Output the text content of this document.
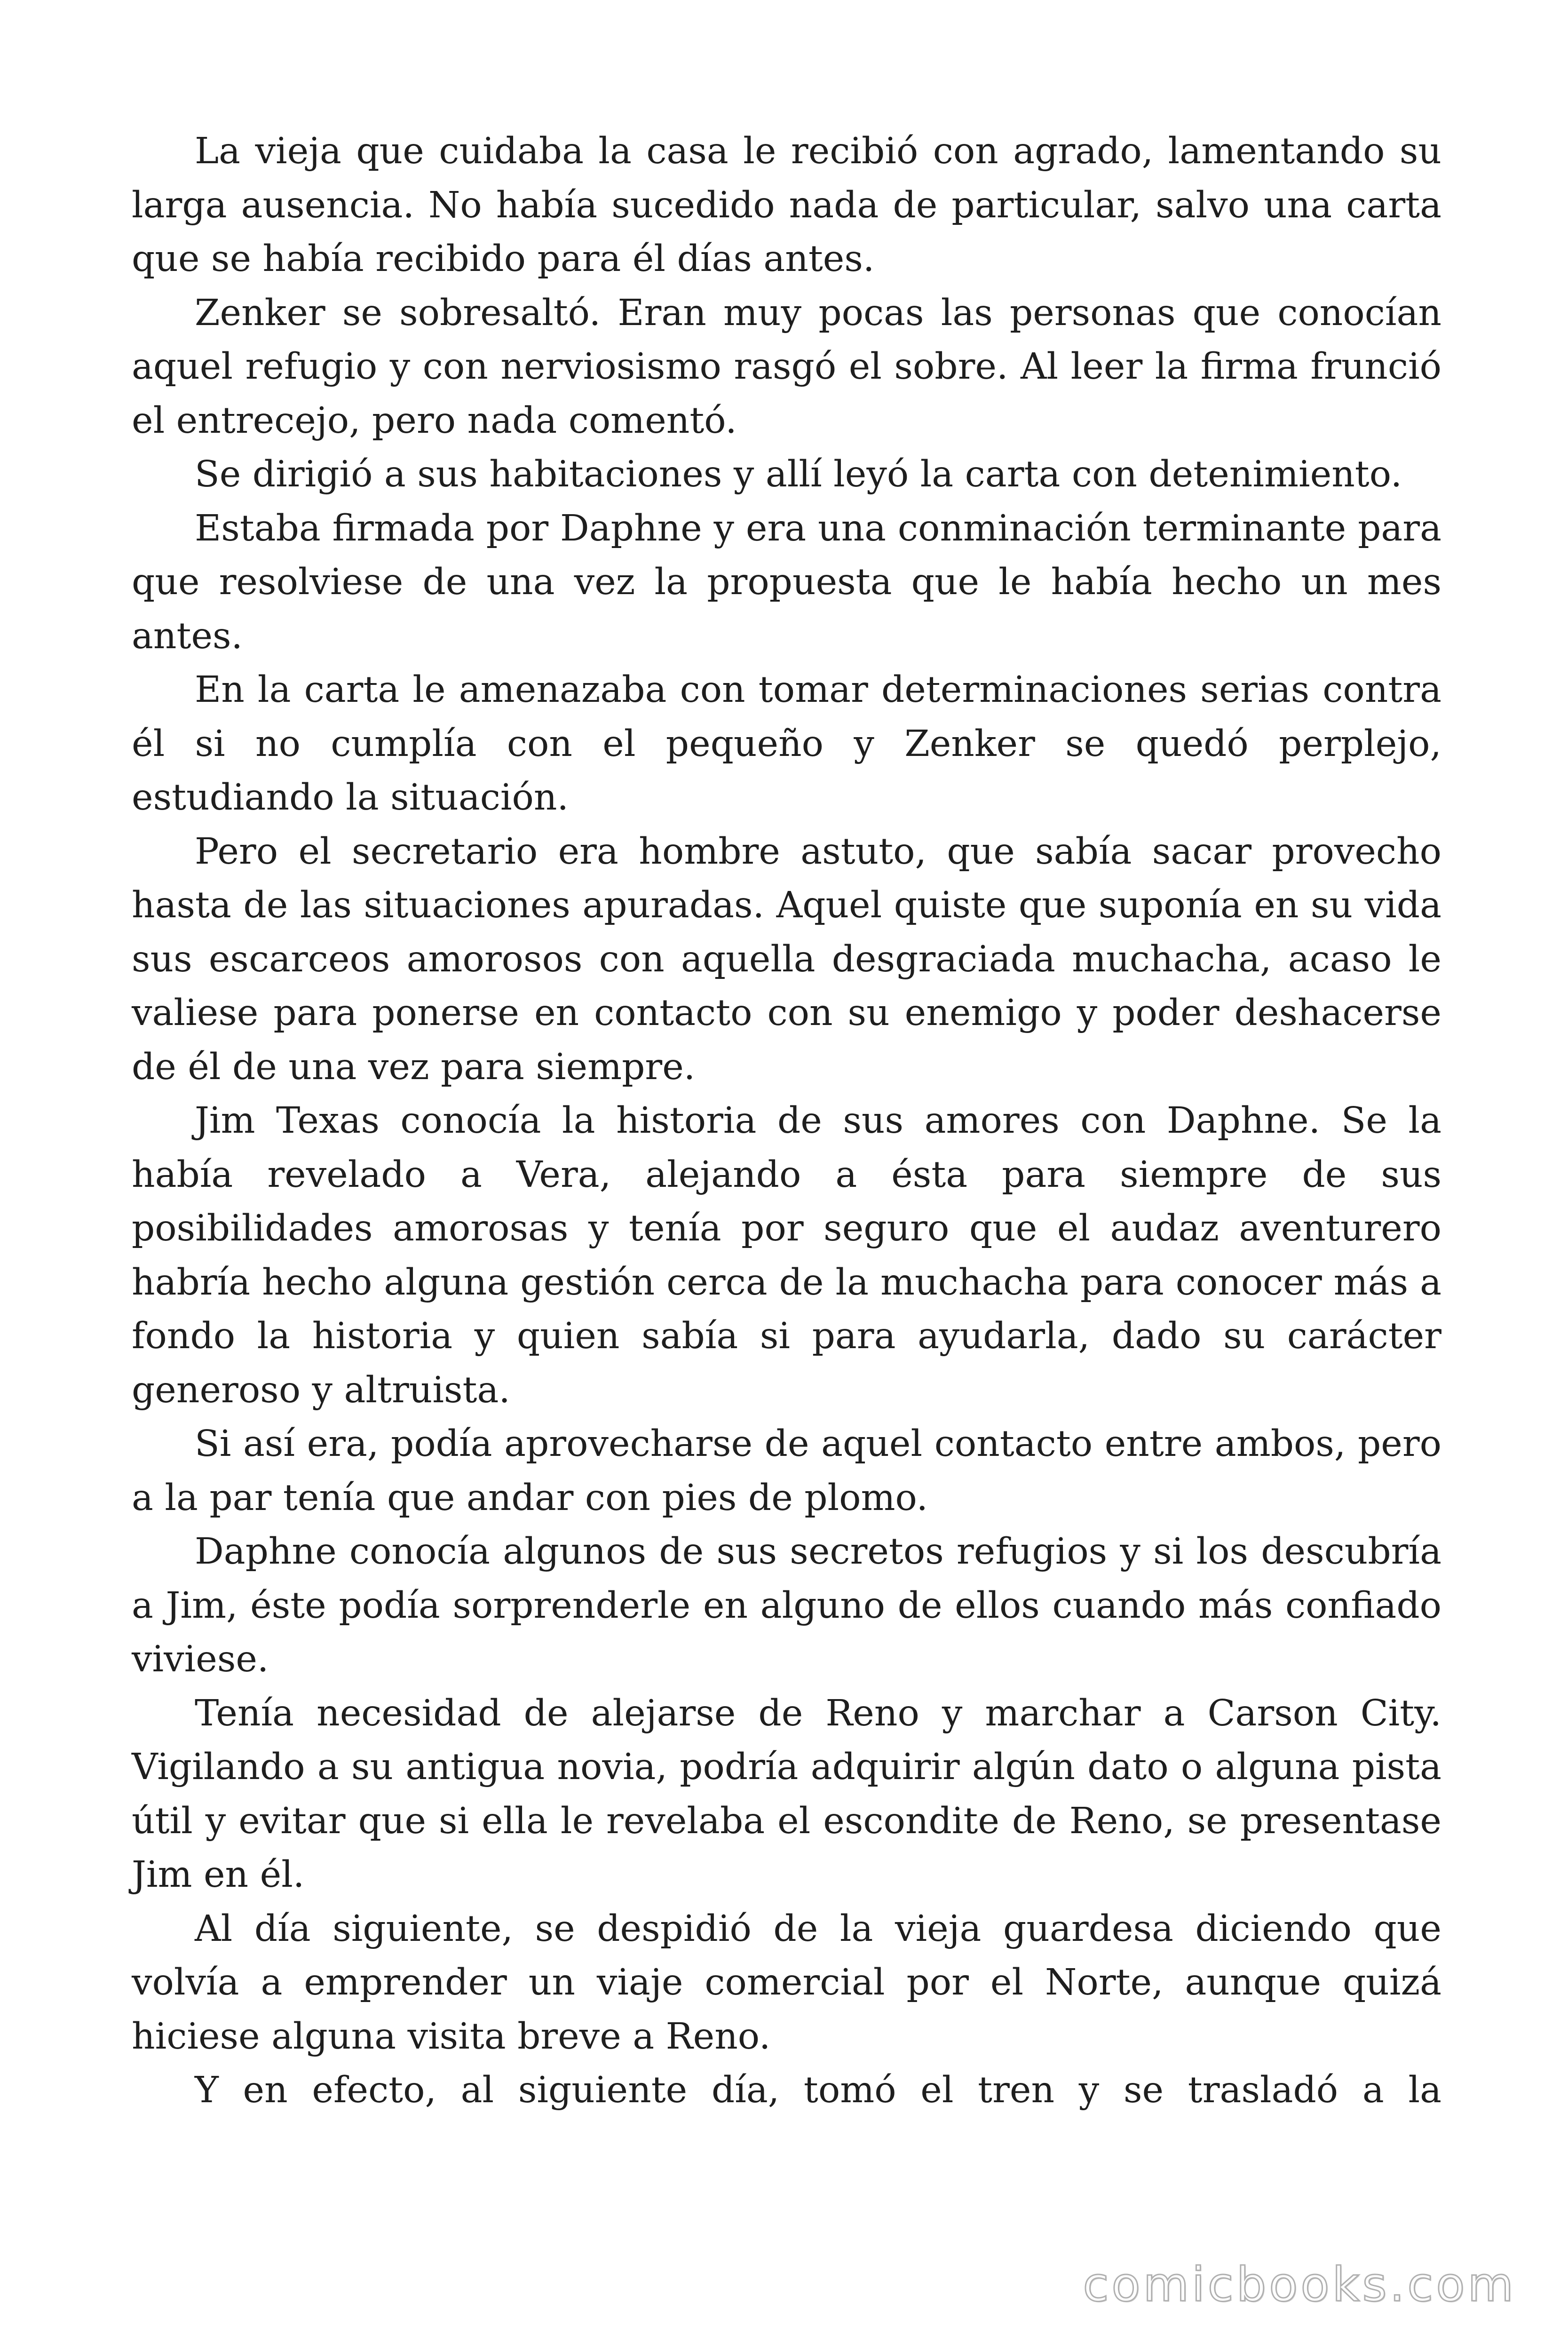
La vieja que cuidaba la casa le recibió con agrado, lamentando su larga ausencia. No había sucedido nada de particular, salvo una carta que se había recibido para él días antes.

Zenker se sobresaltó. Eran muy pocas las personas que conocían aquel refugio y con nerviosismo rasgó el sobre. Al leer la firma frunció el entrecejo, pero nada comentó.

Se dirigió a sus habitaciones y allí leyó la carta con detenimiento.

Estaba firmada por Daphne y era una conminación terminante para que resolviese de una vez la propuesta que le había hecho un mes antes.

En la carta le amenazaba con tomar determinaciones serias contra él si no cumplía con el pequeño y Zenker se quedó perplejo, estudiando la situación.

Pero el secretario era hombre astuto, que sabía sacar provecho hasta de las situaciones apuradas. Aquel quiste que suponía en su vida sus escarceos amorosos con aquella desgraciada muchacha, acaso le valiese para ponerse en contacto con su enemigo y poder deshacerse de él de una vez para siempre.

Jim Texas conocía la historia de sus amores con Daphne. Se la había revelado a Vera, alejando a ésta para siempre de sus posibilidades amorosas y tenía por seguro que el audaz aventurero habría hecho alguna gestión cerca de la muchacha para conocer más a fondo la historia y quien sabía si para ayudarla, dado su carácter generoso y altruista.

Si así era, podía aprovecharse de aquel contacto entre ambos, pero a la par tenía que andar con pies de plomo.

Daphne conocía algunos de sus secretos refugios y si los descubría a Jim, éste podía sorprenderle en alguno de ellos cuando más confiado viviese.

Tenía necesidad de alejarse de Reno y marchar a Carson City. Vigilando a su antigua novia, podría adquirir algún dato o alguna pista útil y evitar que si ella le revelaba el escondite de Reno, se presentase Jim en él.

Al día siguiente, se despidió de la vieja guardesa diciendo que volvía a emprender un viaje comercial por el Norte, aunque quizá hiciese alguna visita breve a Reno.

Y en efecto, al siguiente día, tomó el tren y se trasladó a la

comicbooks.com
